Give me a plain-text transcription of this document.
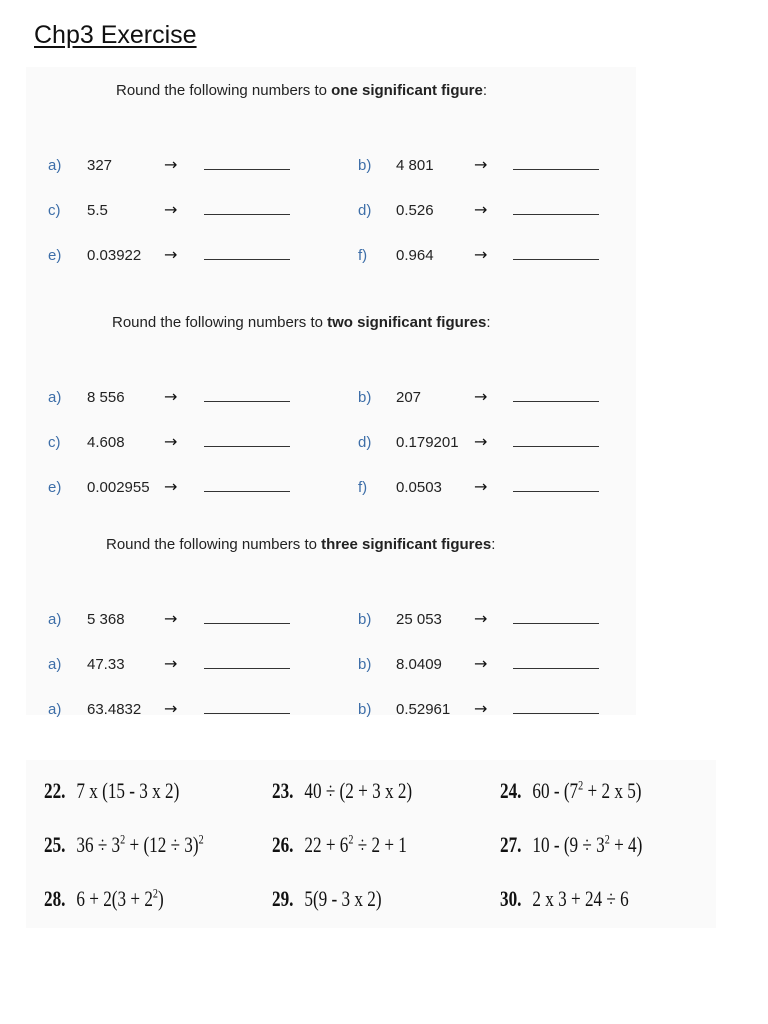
Chp3 Exercise
Round the following numbers to one significant figure:
a) 327	→	b) 4 801	→
c) 5.5	→	d) 0.526	→
e) 0.03922 →	f) 0.964	→
Round the following numbers to two significant figures:
a) 8 556 →	b) 207	→
c) 4.608 →	d) 0.179201 →
e) 0.002955 →	f) 0.0503 →
Round the following numbers to three significant figures:
a) 5 368 →	b) 25 053 →
a) 47.33 →	b) 8.0409 →
a) 63.4832 →	b) 0.52961 →
22. 7 x (15 - 3 x 2)	23. 40 ÷ (2 + 3 x 2)	24. $60 - (7^2 + 2$ x 5)
25. $36 \div 3^2 + (12 \div 3)^2$	26. $22 + 6^2 \div 2 + 1$	27. $10 - (9 \div 3^2 + 4)$
28. $6 + 2(3 + 2^2)$	29. 5(9 - 3 x 2)	30. 2 x 3 + 24 ÷ 6
